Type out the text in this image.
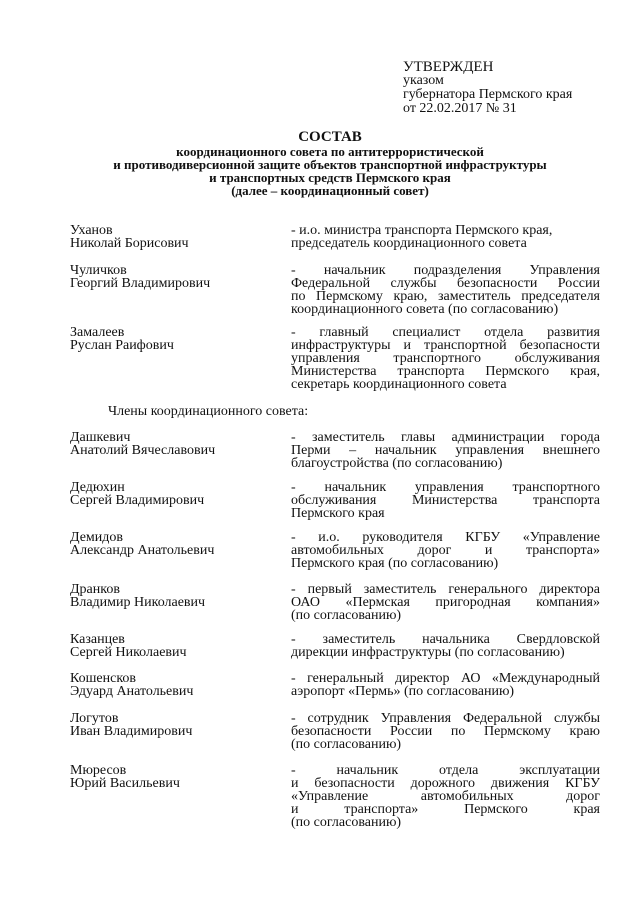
УТВЕРЖДЕН
указом
губернатора Пермского края
от 22.02.2017 № 31
СОСТАВ
координационного совета по антитеррористической
и противодиверсионной защите объектов транспортной инфраструктуры
и транспортных средств Пермского края
(далее – координационный совет)
Уханов
Николай Борисович
- и.о. министра транспорта Пермского края,
председатель координационного совета
Чуличков
Георгий Владимирович
- начальник подразделения Управления
Федеральной службы безопасности России
по Пермскому краю, заместитель председателя
координационного совета (по согласованию)
Замалеев
Руслан Раифович
- главный специалист отдела развития
инфраструктуры и транспортной безопасности
управления транспортного обслуживания
Министерства транспорта Пермского края,
секретарь координационного совета
Члены координационного совета:
Дашкевич
Анатолий Вячеславович
- заместитель главы администрации города
Перми – начальник управления внешнего
благоустройства (по согласованию)
Дедюхин
Сергей Владимирович
- начальник управления транспортного
обслуживания Министерства транспорта
Пермского края
Демидов
Александр Анатольевич
- и.о. руководителя КГБУ «Управление
автомобильных дорог и транспорта»
Пермского края (по согласованию)
Дранков
Владимир Николаевич
- первый заместитель генерального директора
ОАО «Пермская пригородная компания»
(по согласованию)
Казанцев
Сергей Николаевич
- заместитель начальника Свердловской
дирекции инфраструктуры (по согласованию)
Кошенсков
Эдуард Анатольевич
- генеральный директор АО «Международный
аэропорт «Пермь» (по согласованию)
Логутов
Иван Владимирович
- сотрудник Управления Федеральной службы
безопасности России по Пермскому краю
(по согласованию)
Мюресов
Юрий Васильевич
- начальник отдела эксплуатации
и безопасности дорожного движения КГБУ
«Управление автомобильных дорог
и транспорта» Пермского края
(по согласованию)
